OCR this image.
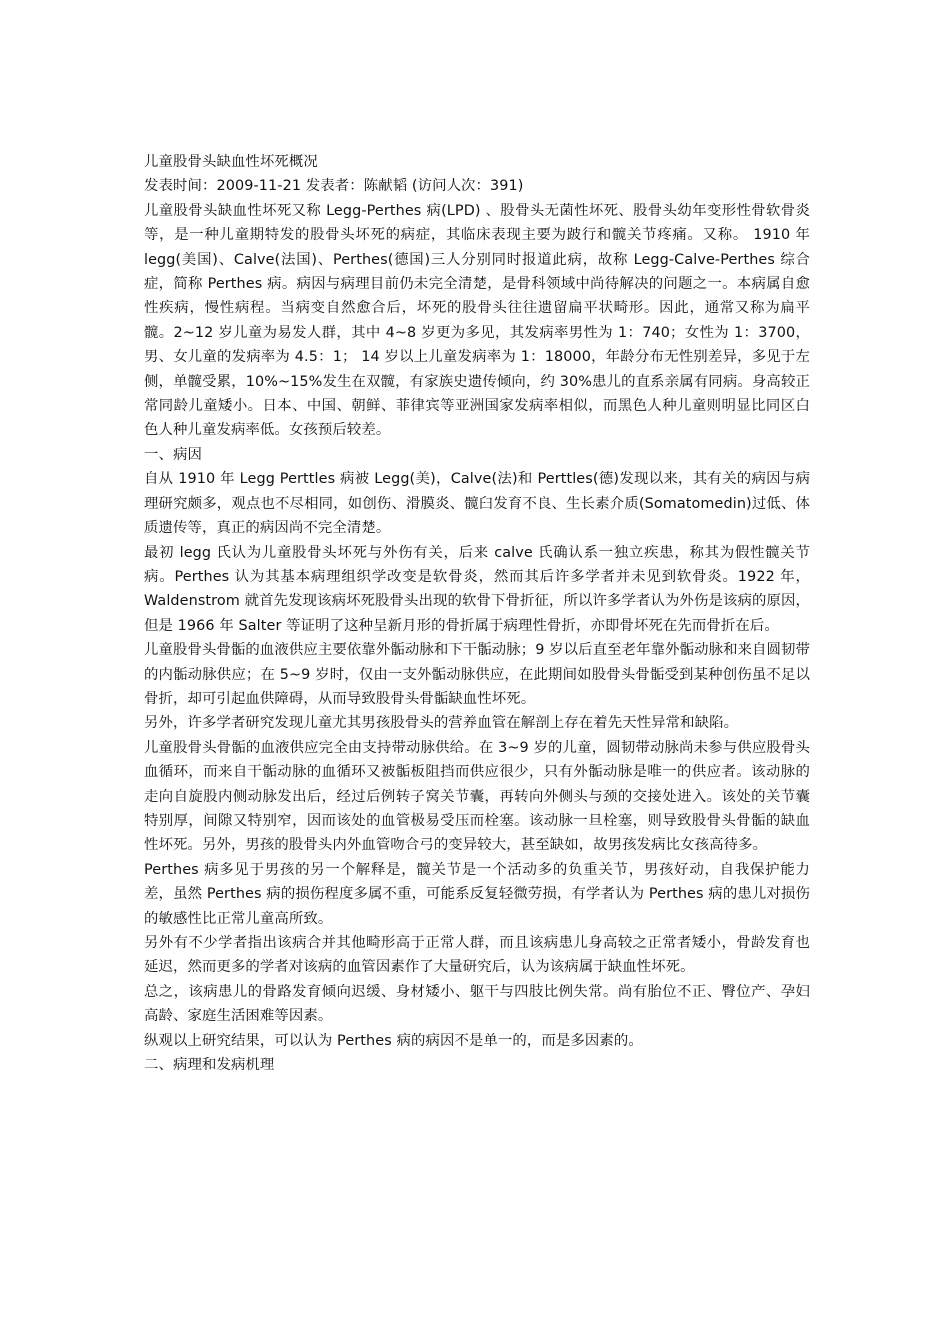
儿童股骨头缺血性坏死概况

发表时间：2009-11-21 发表者：陈献韬 (访问人次：391)

儿童股骨头缺血性坏死又称 Legg-Perthes 病(LPD) 、股骨头无菌性坏死、股骨头幼年变形性骨软骨炎等，是一种儿童期特发的股骨头坏死的病症，其临床表现主要为跛行和髋关节疼痛。又称。 1910 年 legg(美国)、Calve(法国)、Perthes(德国)三人分别同时报道此病，故称 Legg-Calve-Perthes 综合症，简称 Perthes 病。病因与病理目前仍未完全清楚，是骨科领域中尚待解决的问题之一。本病属自愈性疾病，慢性病程。当病变自然愈合后，坏死的股骨头往往遗留扁平状畸形。因此，通常又称为扁平髋。2~12 岁儿童为易发人群，其中 4~8 岁更为多见，其发病率男性为 1：740；女性为 1：3700，男、女儿童的发病率为 4.5：1； 14 岁以上儿童发病率为 1：18000，年龄分布无性别差异，多见于左侧，单髋受累，10%~15%发生在双髋，有家族史遗传倾向，约 30%患儿的直系亲属有同病。身高较正常同龄儿童矮小。日本、中国、朝鲜、菲律宾等亚洲国家发病率相似，而黑色人种儿童则明显比同区白色人种儿童发病率低。女孩预后较差。

一、病因

自从 1910 年 Legg Perttles 病被 Legg(美)，Calve(法)和 Perttles(德)发现以来，其有关的病因与病理研究颇多，观点也不尽相同，如创伤、滑膜炎、髋臼发育不良、生长素介质(Somatomedin)过低、体质遗传等，真正的病因尚不完全清楚。

最初 legg 氏认为儿童股骨头坏死与外伤有关，后来 calve 氏确认系一独立疾患，称其为假性髋关节病。Perthes 认为其基本病理组织学改变是软骨炎，然而其后许多学者并未见到软骨炎。1922 年，Waldenstrom 就首先发现该病坏死股骨头出现的软骨下骨折征，所以许多学者认为外伤是该病的原因，但是 1966 年 Salter 等证明了这种呈新月形的骨折属于病理性骨折，亦即骨坏死在先而骨折在后。

儿童股骨头骨骺的血液供应主要依靠外骺动脉和下干骺动脉；9 岁以后直至老年靠外骺动脉和来自圆韧带的内骺动脉供应；在 5~9 岁时，仅由一支外骺动脉供应，在此期间如股骨头骨骺受到某种创伤虽不足以骨折，却可引起血供障碍，从而导致股骨头骨骺缺血性坏死。

另外，许多学者研究发现儿童尤其男孩股骨头的营养血管在解剖上存在着先天性异常和缺陷。

儿童股骨头骨骺的血液供应完全由支持带动脉供给。在 3~9 岁的儿童，圆韧带动脉尚未参与供应股骨头血循环，而来自干骺动脉的血循环又被骺板阻挡而供应很少，只有外骺动脉是唯一的供应者。该动脉的走向自旋股内侧动脉发出后，经过后例转子窝关节囊，再转向外侧头与颈的交接处进入。该处的关节囊特别厚，间隙又特别窄，因而该处的血管极易受压而栓塞。该动脉一旦栓塞，则导致股骨头骨骺的缺血性坏死。另外，男孩的股骨头内外血管吻合弓的变异较大，甚至缺如，故男孩发病比女孩高待多。

Perthes 病多见于男孩的另一个解释是，髋关节是一个活动多的负重关节，男孩好动，自我保护能力差，虽然 Perthes 病的损伤程度多属不重，可能系反复轻微劳损，有学者认为 Perthes 病的患儿对损伤的敏感性比正常儿童高所致。

另外有不少学者指出该病合并其他畸形高于正常人群，而且该病患儿身高较之正常者矮小，骨龄发育也延迟，然而更多的学者对该病的血管因素作了大量研究后，认为该病属于缺血性坏死。

总之，该病患儿的骨路发育倾向迟缓、身材矮小、躯干与四肢比例失常。尚有胎位不正、臀位产、孕妇高龄、家庭生活困难等因素。

纵观以上研究结果，可以认为 Perthes 病的病因不是单一的，而是多因素的。

二、病理和发病机理
